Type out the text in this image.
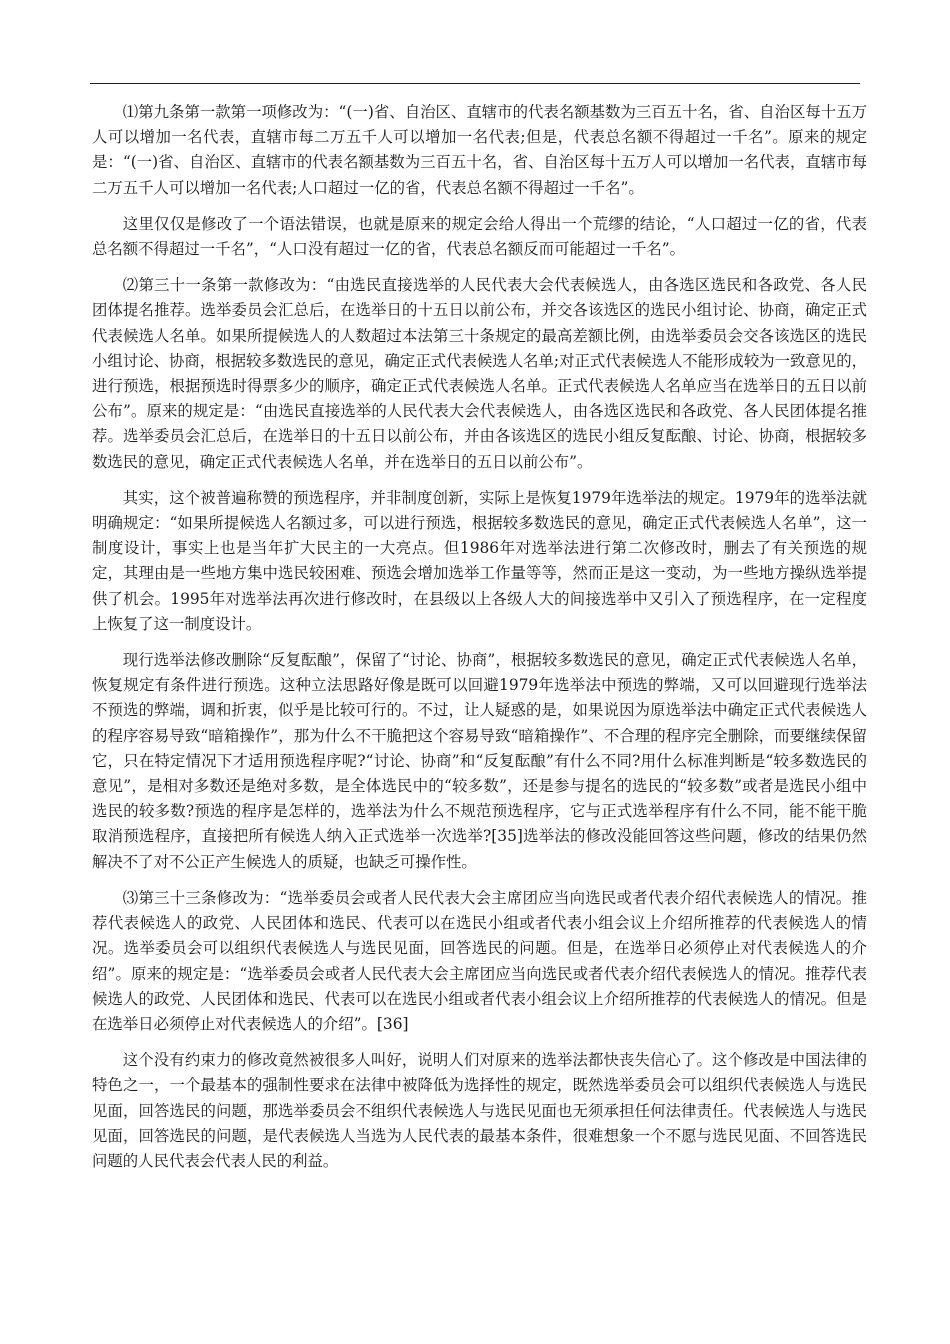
⑴第九条第一款第一项修改为：“(一)省、自治区、直辖市的代表名额基数为三百五十名，省、自治区每十五万人可以增加一名代表，直辖市每二万五千人可以增加一名代表;但是，代表总名额不得超过一千名”。原来的规定是：“(一)省、自治区、直辖市的代表名额基数为三百五十名，省、自治区每十五万人可以增加一名代表，直辖市每二万五千人可以增加一名代表;人口超过一亿的省，代表总名额不得超过一千名”。

这里仅仅是修改了一个语法错误，也就是原来的规定会给人得出一个荒缪的结论，“人口超过一亿的省，代表总名额不得超过一千名”，“人口没有超过一亿的省，代表总名额反而可能超过一千名”。

⑵第三十一条第一款修改为：“由选民直接选举的人民代表大会代表候选人，由各选区选民和各政党、各人民团体提名推荐。选举委员会汇总后，在选举日的十五日以前公布，并交各该选区的选民小组讨论、协商，确定正式代表候选人名单。如果所提候选人的人数超过本法第三十条规定的最高差额比例，由选举委员会交各该选区的选民小组讨论、协商，根据较多数选民的意见，确定正式代表候选人名单;对正式代表候选人不能形成较为一致意见的，进行预选，根据预选时得票多少的顺序，确定正式代表候选人名单。正式代表候选人名单应当在选举日的五日以前公布”。原来的规定是：“由选民直接选举的人民代表大会代表候选人，由各选区选民和各政党、各人民团体提名推荐。选举委员会汇总后，在选举日的十五日以前公布，并由各该选区的选民小组反复酝酿、讨论、协商，根据较多数选民的意见，确定正式代表候选人名单，并在选举日的五日以前公布”。

其实，这个被普遍称赞的预选程序，并非制度创新，实际上是恢复1979年选举法的规定。1979年的选举法就明确规定：“如果所提候选人名额过多，可以进行预选，根据较多数选民的意见，确定正式代表候选人名单”，这一制度设计，事实上也是当年扩大民主的一大亮点。但1986年对选举法进行第二次修改时，删去了有关预选的规定，其理由是一些地方集中选民较困难、预选会增加选举工作量等等，然而正是这一变动，为一些地方操纵选举提供了机会。1995年对选举法再次进行修改时，在县级以上各级人大的间接选举中又引入了预选程序，在一定程度上恢复了这一制度设计。

现行选举法修改删除“反复酝酿”，保留了“讨论、协商”，根据较多数选民的意见，确定正式代表候选人名单，恢复规定有条件进行预选。这种立法思路好像是既可以回避1979年选举法中预选的弊端，又可以回避现行选举法不预选的弊端，调和折衷，似乎是比较可行的。不过，让人疑惑的是，如果说因为原选举法中确定正式代表候选人的程序容易导致“暗箱操作”，那为什么不干脆把这个容易导致“暗箱操作”、不合理的程序完全删除，而要继续保留它，只在特定情况下才适用预选程序呢?“讨论、协商”和“反复酝酿”有什么不同?用什么标准判断是“较多数选民的意见”，是相对多数还是绝对多数，是全体选民中的“较多数”，还是参与提名的选民的“较多数”或者是选民小组中选民的较多数?预选的程序是怎样的，选举法为什么不规范预选程序，它与正式选举程序有什么不同，能不能干脆取消预选程序，直接把所有候选人纳入正式选举一次选举?[35]选举法的修改没能回答这些问题，修改的结果仍然解决不了对不公正产生候选人的质疑，也缺乏可操作性。

⑶第三十三条修改为：“选举委员会或者人民代表大会主席团应当向选民或者代表介绍代表候选人的情况。推荐代表候选人的政党、人民团体和选民、代表可以在选民小组或者代表小组会议上介绍所推荐的代表候选人的情况。选举委员会可以组织代表候选人与选民见面，回答选民的问题。但是，在选举日必须停止对代表候选人的介绍”。原来的规定是：“选举委员会或者人民代表大会主席团应当向选民或者代表介绍代表候选人的情况。推荐代表候选人的政党、人民团体和选民、代表可以在选民小组或者代表小组会议上介绍所推荐的代表候选人的情况。但是在选举日必须停止对代表候选人的介绍”。[36]

这个没有约束力的修改竟然被很多人叫好，说明人们对原来的选举法都快丧失信心了。这个修改是中国法律的特色之一，一个最基本的强制性要求在法律中被降低为选择性的规定，既然选举委员会可以组织代表候选人与选民见面，回答选民的问题，那选举委员会不组织代表候选人与选民见面也无须承担任何法律责任。代表候选人与选民见面，回答选民的问题，是代表候选人当选为人民代表的最基本条件，很难想象一个不愿与选民见面、不回答选民问题的人民代表会代表人民的利益。
